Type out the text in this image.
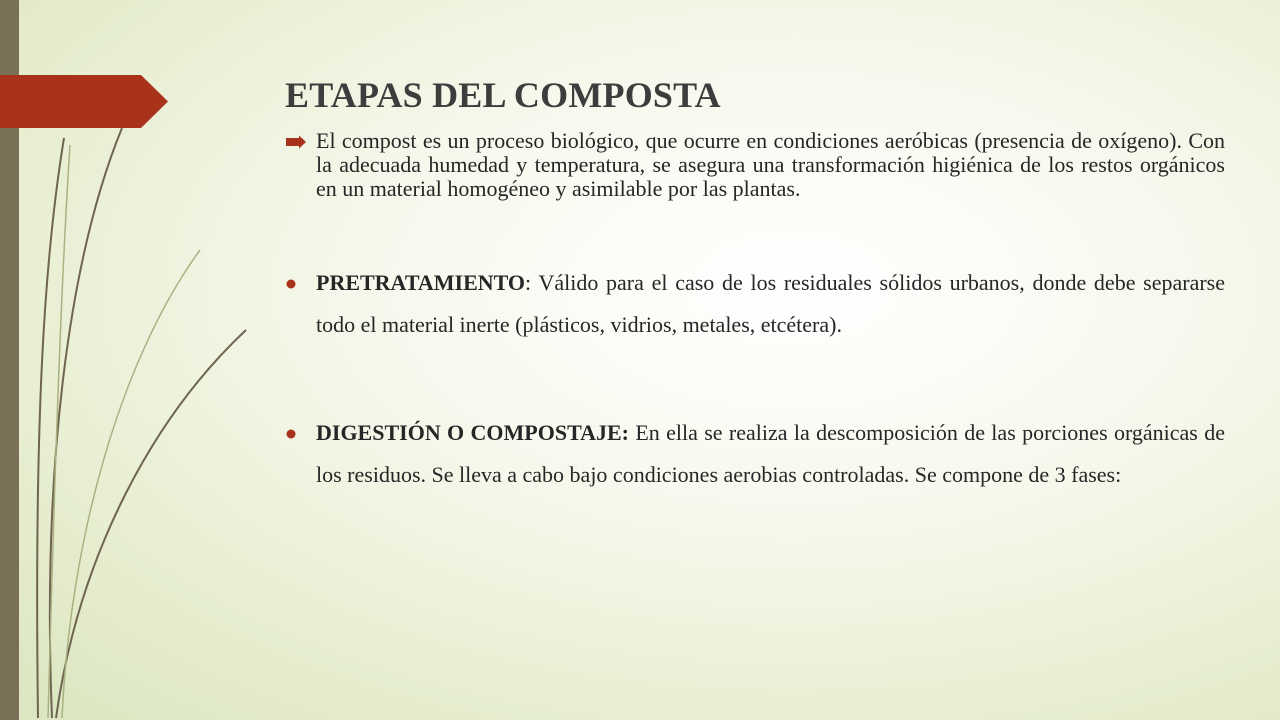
ETAPAS DEL COMPOSTA

El compost es un proceso biológico, que ocurre en condiciones aeróbicas (presencia de oxígeno). Con la adecuada humedad y temperatura, se asegura una transformación higiénica de los restos orgánicos en un material homogéneo y asimilable por las plantas.

PRETRATAMIENTO: Válido para el caso de los residuales sólidos urbanos, donde debe separarse todo el material inerte (plásticos, vidrios, metales, etcétera).

DIGESTIÓN O COMPOSTAJE: En ella se realiza la descomposición de las porciones orgánicas de los residuos. Se lleva a cabo bajo condiciones aerobias controladas. Se compone de 3 fases:
